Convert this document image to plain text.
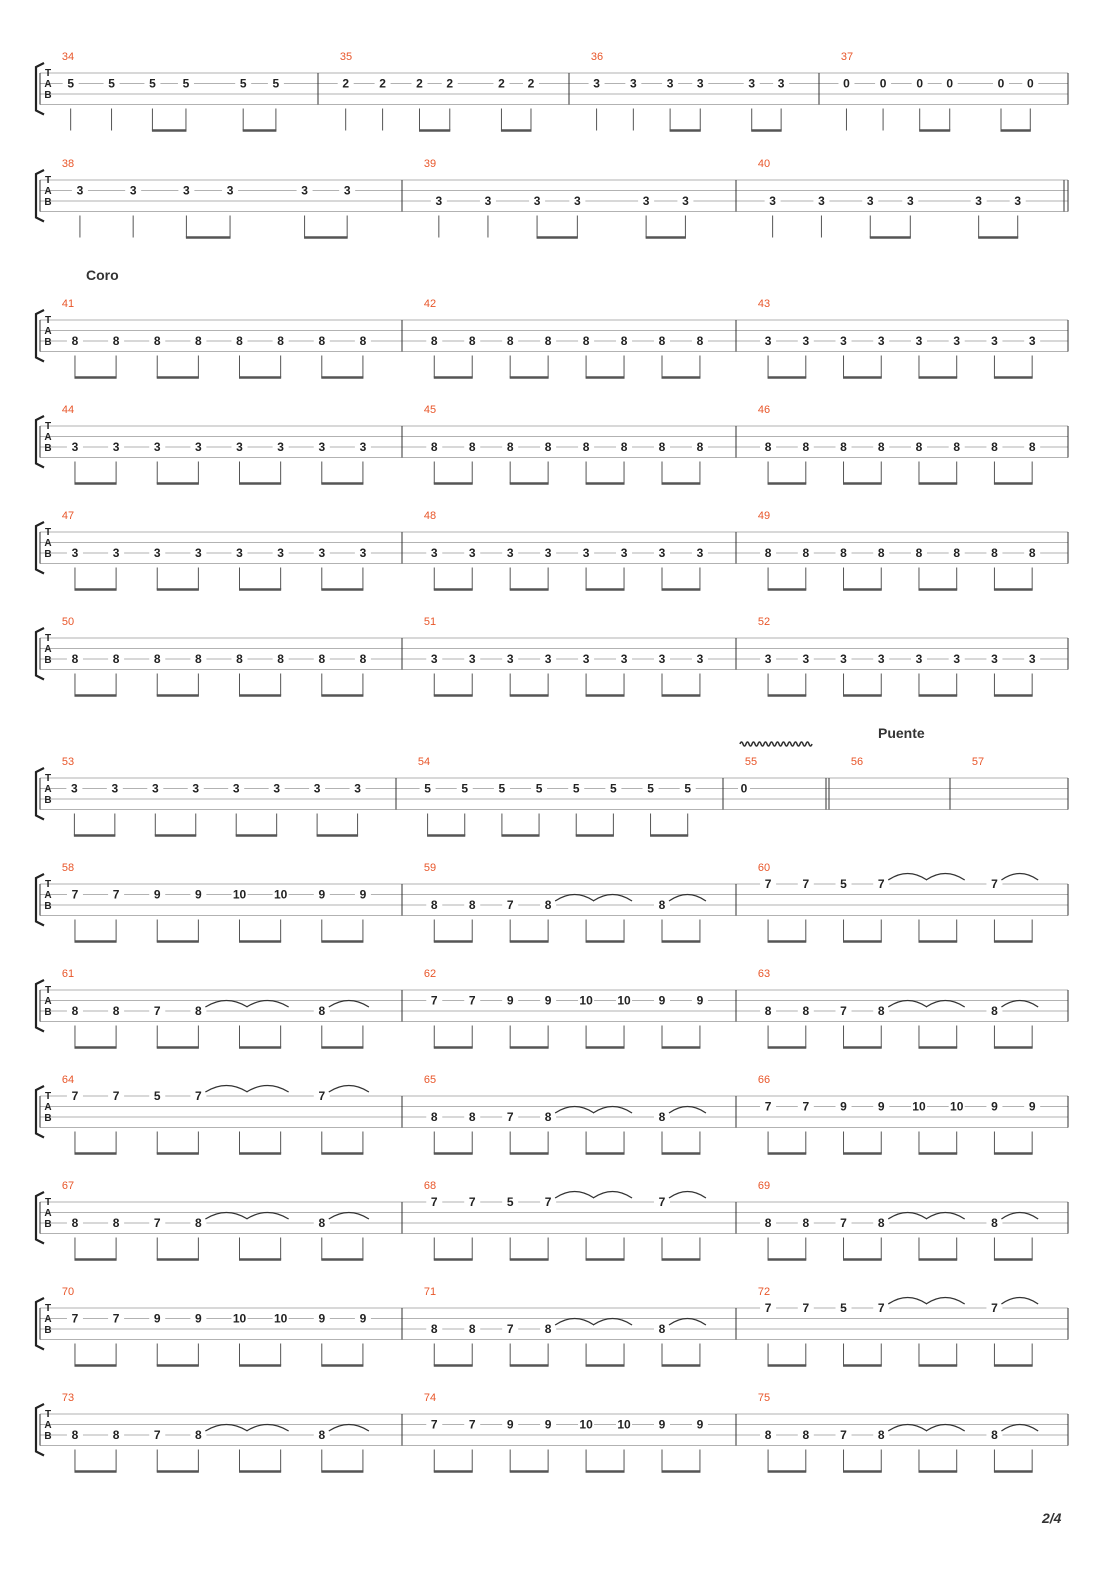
T
A
B
34
5	5	5 5	5 5
35
2	2	2 2	2 2
36
3	3	3 3	3 3
37
0 0 0 0	0 0
T
A
B
38
3	3	3	3	3	3
39
3	3	3	3	3	3
40
3	3	3	3	3	3
T
A
B
41
8	8	8	8	8	8	8	8
42
8	8	8	8	8	8	8	8
43
3	3	3	3	3	3	3	3
T
A
B
44
3	3	3	3	3	3	3	3
45
8	8	8	8	8	8	8	8
46
8	8	8	8	8	8	8	8
T
A
B
47
3	3	3	3	3	3	3	3
48
3	3	3	3	3	3	3	3
49
8	8	8	8	8	8	8	8
T
A
B
50
8	8	8	8	8	8	8	8
51
3	3	3	3	3	3	3	3
52
3	3	3	3	3	3	3	3
T
A
B
53
3	3	3	3	3	3	3	3
54
5	5	5	5	5	5	5	5
55
0
56	57
T
A
B
58
7	7	9	9	10 10	9	9
59
8	8	7	8	8
60
7	7	5	7	7
T
A
B
61
8	8	7	8	8
62
7	7	9	9 10 10 9	9
63
8	8	7	8	8
T
A
B
64
7	7	5	7	7
65
8	8	7	8	8
66
7	7	9	9 10 10 9	9
T
A
B
67
8	8	7	8	8
68
7	7	5	7	7
69
8	8	7	8	8
T
A
B
70
7	7	9	9	10 10	9	9
71
8	8	7	8	8
72
7	7	5	7	7
T
A
B
73
8	8	7	8	8
74
7	7	9	9 10 10 9	9
75
8	8	7	8	8
Coro
Puente
2/4
